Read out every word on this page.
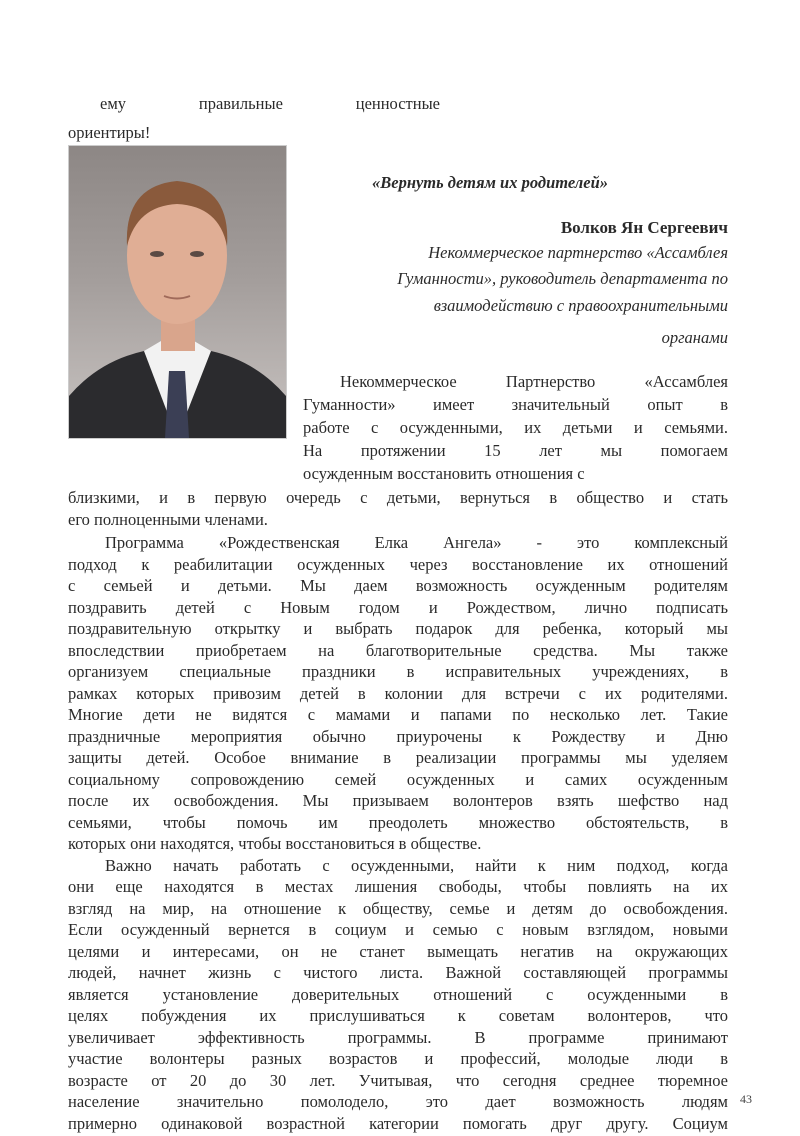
ему правильные ценностные
ориентиры!
«Вернуть детям их родителей»
Волков Ян Сергеевич
Некоммерческое партнерство «Ассамблея
Гуманности», руководитель департамента по
взаимодействию с правоохранительными
органами
Некоммерческое Партнерство «Ассамблея
Гуманности» имеет значительный опыт в
работе с осужденными, их детьми и семьями.
На протяжении 15 лет мы помогаем
осужденным восстановить отношения с
близкими, и в первую очередь с детьми, вернуться в общество и стать
его полноценными членами.
Программа «Рождественская Елка Ангела» - это комплексный
подход к реабилитации осужденных через восстановление их отношений
с семьей и детьми. Мы даем возможность осужденным родителям
поздравить детей с Новым годом и Рождеством, лично подписать
поздравительную открытку и выбрать подарок для ребенка, который мы
впоследствии приобретаем на благотворительные средства. Мы также
организуем специальные праздники в исправительных учреждениях, в
рамках которых привозим детей в колонии для встречи с их родителями.
Многие дети не видятся с мамами и папами по несколько лет. Такие
праздничные мероприятия обычно приурочены к Рождеству и Дню
защиты детей. Особое внимание в реализации программы мы уделяем
социальному сопровождению семей осужденных и самих осужденным
после их освобождения. Мы призываем волонтеров взять шефство над
семьями, чтобы помочь им преодолеть множество обстоятельств, в
которых они находятся, чтобы восстановиться в обществе.
Важно начать работать с осужденными, найти к ним подход, когда
они еще находятся в местах лишения свободы, чтобы повлиять на их
взгляд на мир, на отношение к обществу, семье и детям до освобождения.
Если осужденный вернется в социум и семью с новым взглядом, новыми
целями и интересами, он не станет вымещать негатив на окружающих
людей, начнет жизнь с чистого листа. Важной составляющей программы
является установление доверительных отношений с осужденными в
целях побуждения их прислушиваться к советам волонтеров, что
увеличивает эффективность программы. В программе принимают
участие волонтеры разных возрастов и профессий, молодые люди в
возрасте от 20 до 30 лет. Учитывая, что сегодня среднее тюремное
население значительно помолодело, это дает возможность людям
примерно одинаковой возрастной категории помогать друг другу. Социум
43
